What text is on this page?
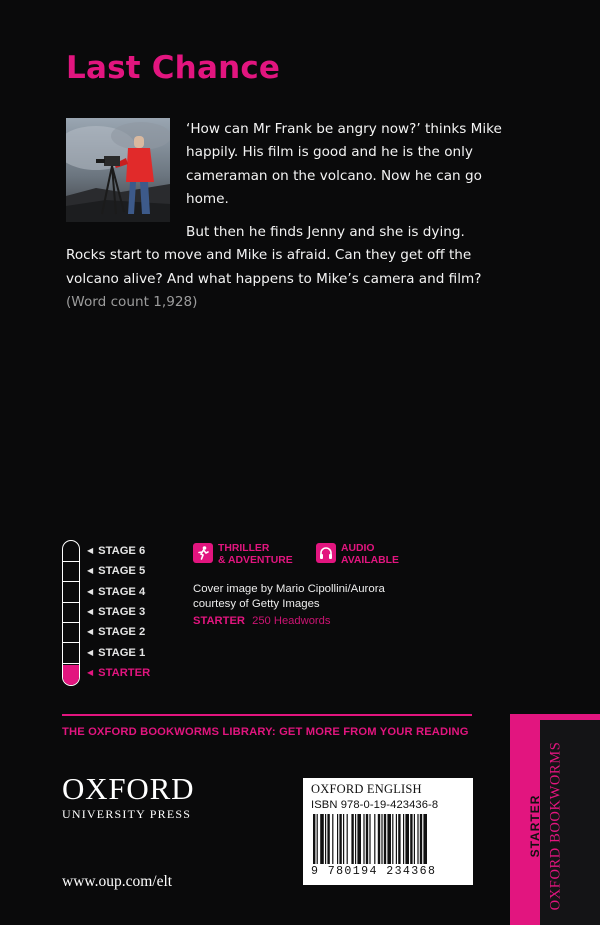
Last Chance

‘How can Mr Frank be angry now?’ thinks Mike happily. His film is good and he is the only cameraman on the volcano. Now he can go home.

But then he finds Jenny and she is dying. Rocks start to move and Mike is afraid. Can they get off the volcano alive? And what happens to Mike’s camera and film?
(Word count 1,928)

◀ STAGE 6
◀ STAGE 5
◀ STAGE 4
◀ STAGE 3
◀ STAGE 2
◀ STAGE 1
◀ STARTER
THRILLER
& ADVENTURE
AUDIO
AVAILABLE
Cover image by Mario Cipollini/Aurora
courtesy of Getty Images
STARTER 250 Headwords
THE OXFORD BOOKWORMS LIBRARY: GET MORE FROM YOUR READING
OXFORD
UNIVERSITY PRESS
www.oup.com/elt
OXFORD ENGLISH
ISBN 978-0-19-423436-8
9 780194 234368
STARTER OXFORD BOOKWORMS
